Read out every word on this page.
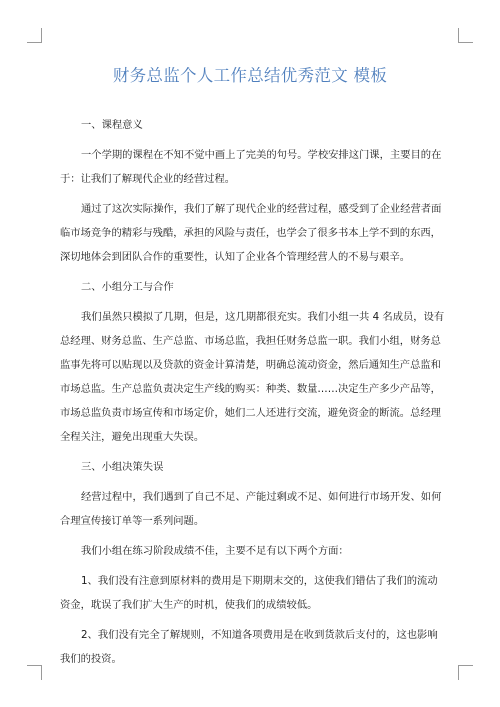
财务总监个人工作总结优秀范文 模板

一、课程意义

一个学期的课程在不知不觉中画上了完美的句号。学校安排这门课，主要目的在

于：让我们了解现代企业的经营过程。

通过了这次实际操作，我们了解了现代企业的经营过程，感受到了企业经营者面

临市场竞争的精彩与残酷，承担的风险与责任，也学会了很多书本上学不到的东西，

深切地体会到团队合作的重要性，认知了企业各个管理经营人的不易与艰辛。

二、小组分工与合作

我们虽然只模拟了几期，但是，这几期都很充实。我们小组一共 4 名成员，设有

总经理、财务总监、生产总监、市场总监，我担任财务总监一职。我们小组，财务总

监事先将可以贴现以及贷款的资金计算清楚，明确总流动资金，然后通知生产总监和

市场总监。生产总监负责决定生产线的购买：种类、数量……决定生产多少产品等，

市场总监负责市场宣传和市场定价，她们二人还进行交流，避免资金的断流。总经理

全程关注，避免出现重大失误。

三、小组决策失误

经营过程中，我们遇到了自己不足、产能过剩或不足、如何进行市场开发、如何

合理宣传接订单等一系列问题。

我们小组在练习阶段成绩不佳，主要不足有以下两个方面：

1、我们没有注意到原材料的费用是下期期末交的，这使我们错估了我们的流动

资金，耽误了我们扩大生产的时机，使我们的成绩较低。

2、我们没有完全了解规则，不知道各项费用是在收到货款后支付的，这也影响

我们的投资。
